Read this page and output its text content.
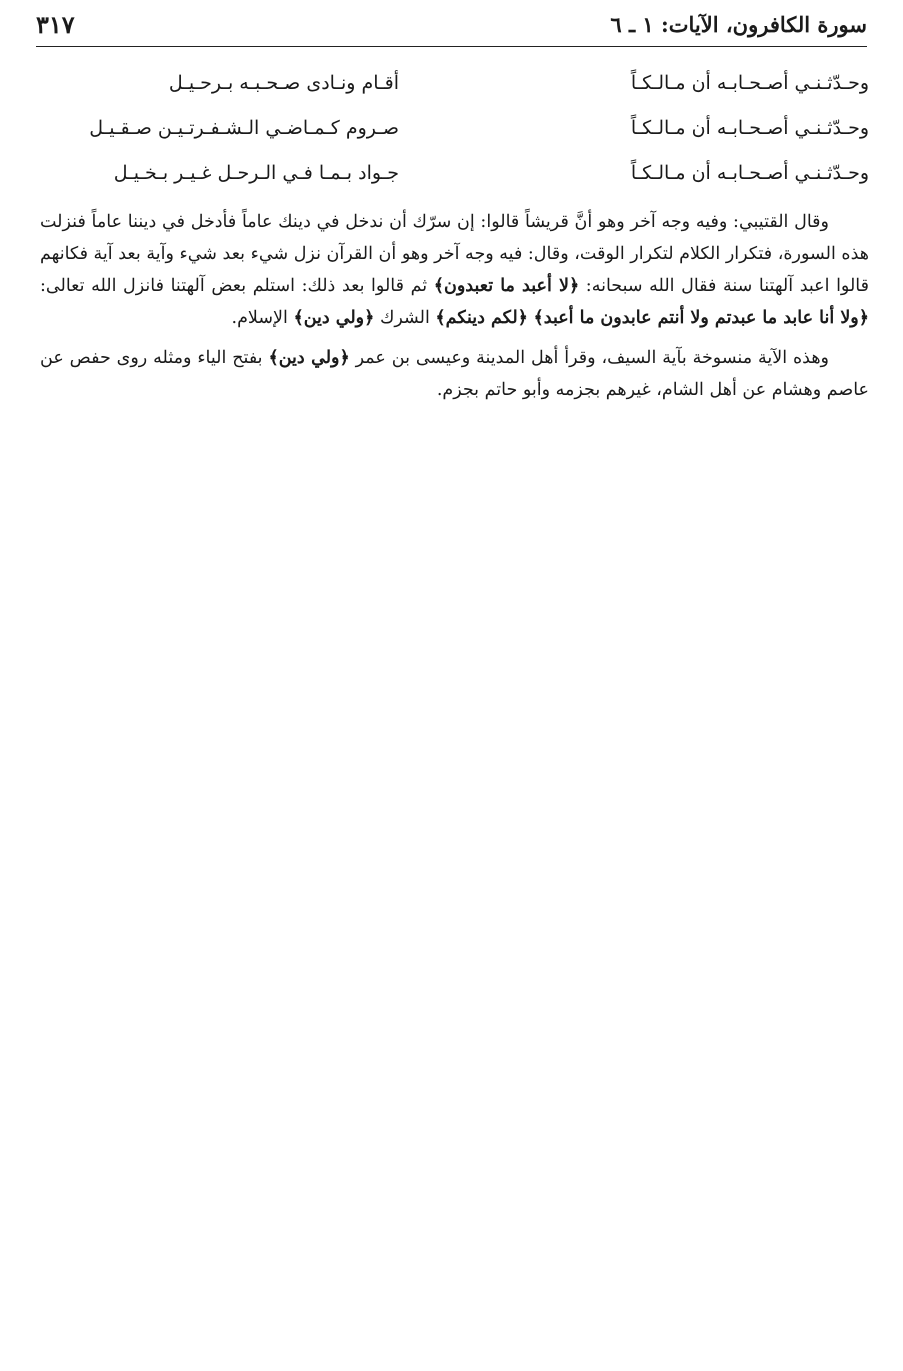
سورة الكافرون، الآيات: ١ ـ ٦
٣١٧
وحـدّثـنـي أصـحـابـه أن مـالـكـاً
أقـام ونـادى صـحـبـه بـرحـيـل
وحـدّثـنـي أصـحـابـه أن مـالـكـاً
صـروم كـمـاضـي الـشـفـرتـيـن صـقـيـل
وحـدّثـنـي أصـحـابـه أن مـالـكـاً
جـواد بـمـا فـي الـرحـل غـيـر بـخـيـل

وقال القتيبي: وفيه وجه آخر وهو أنَّ قريشاً قالوا: إن سرّك أن ندخل في دينك عاماً فأدخل في ديننا عاماً فنزلت هذه السورة، فتكرار الكلام لتكرار الوقت، وقال: فيه وجه آخر وهو أن القرآن نزل شيء بعد شيء وآية بعد آية فكانهم قالوا اعبد آلهتنا سنة فقال الله سبحانه: ﴿لا أعبد ما تعبدون﴾ ثم قالوا بعد ذلك: استلم بعض آلهتنا فانزل الله تعالى: ﴿ولا أنا عابد ما عبدتم ولا أنتم عابدون ما أعبد﴾ ﴿لكم دينكم﴾ الشرك ﴿ولي دين﴾ الإسلام.

وهذه الآية منسوخة بآية السيف، وقرأ أهل المدينة وعيسى بن عمر ﴿ولي دين﴾ بفتح الياء ومثله روى حفص عن عاصم وهشام عن أهل الشام، غيرهم بجزمه وأبو حاتم بجزم.
